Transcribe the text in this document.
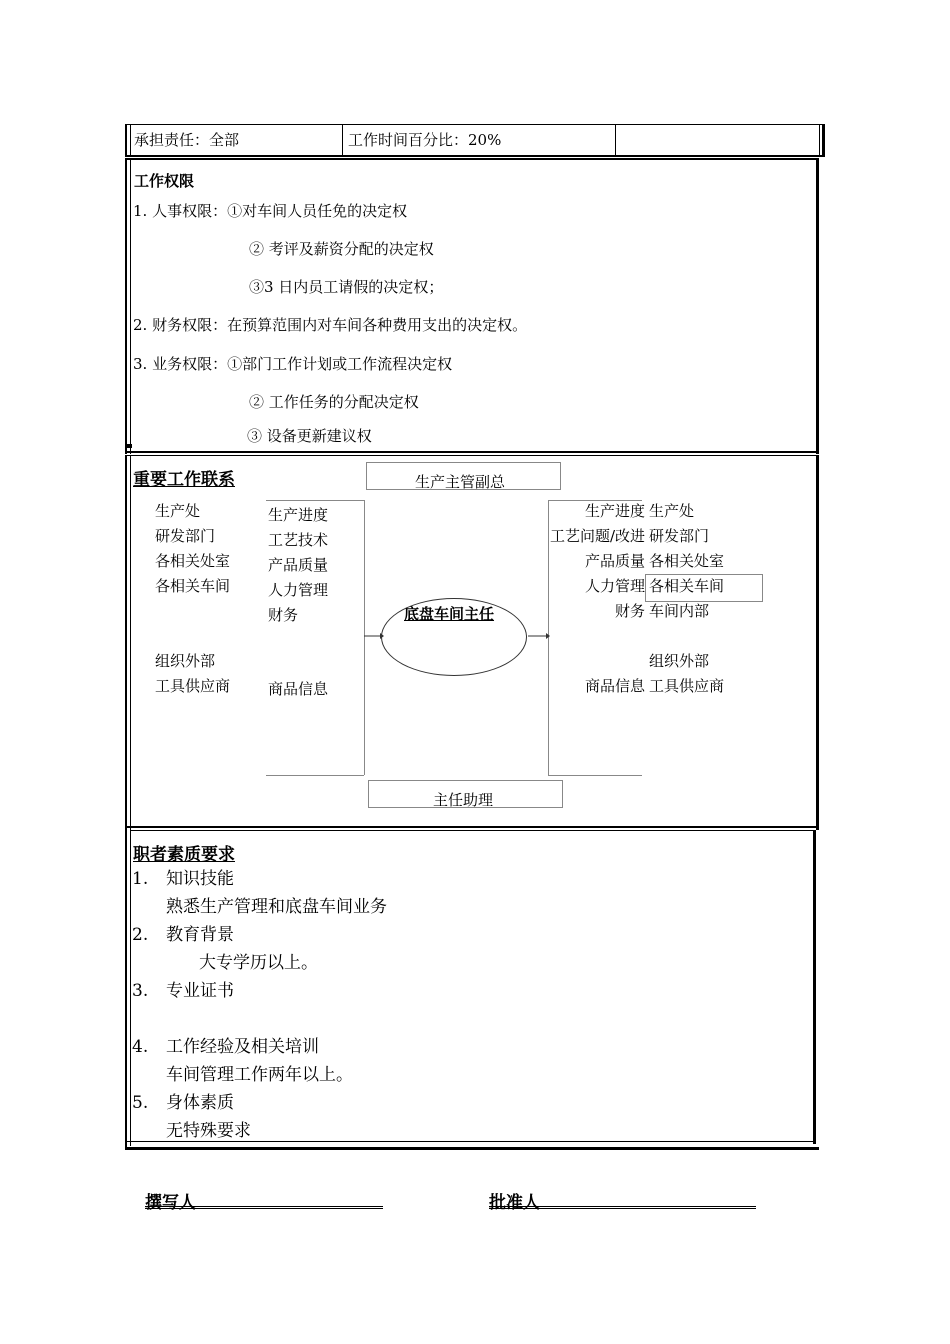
承担责任：全部	工作时间百分比：20%
工作权限
1. 人事权限：①对车间人员任免的决定权
② 考评及薪资分配的决定权
③3 日内员工请假的决定权；
2. 财务权限：在预算范围内对车间各种费用支出的决定权。
3. 业务权限：①部门工作计划或工作流程决定权
② 工作任务的分配决定权
③ 设备更新建议权
重要工作联系	生产主管副总
主任助理
底盘车间主任
生产处
研发部门
各相关处室
各相关车间
组织外部
工具供应商
生产进度
工艺技术
产品质量
人力管理
财务
商品信息
生产进度
工艺问题/改进
产品质量
人力管理
财务
商品信息
生产处
研发部门
各相关处室
各相关车间
车间内部
组织外部
工具供应商
职者素质要求
1. 知识技能
熟悉生产管理和底盘车间业务
2. 教育背景
大专学历以上。
3. 专业证书
4. 工作经验及相关培训
车间管理工作两年以上。
5. 身体素质
无特殊要求
撰写人	批准人
